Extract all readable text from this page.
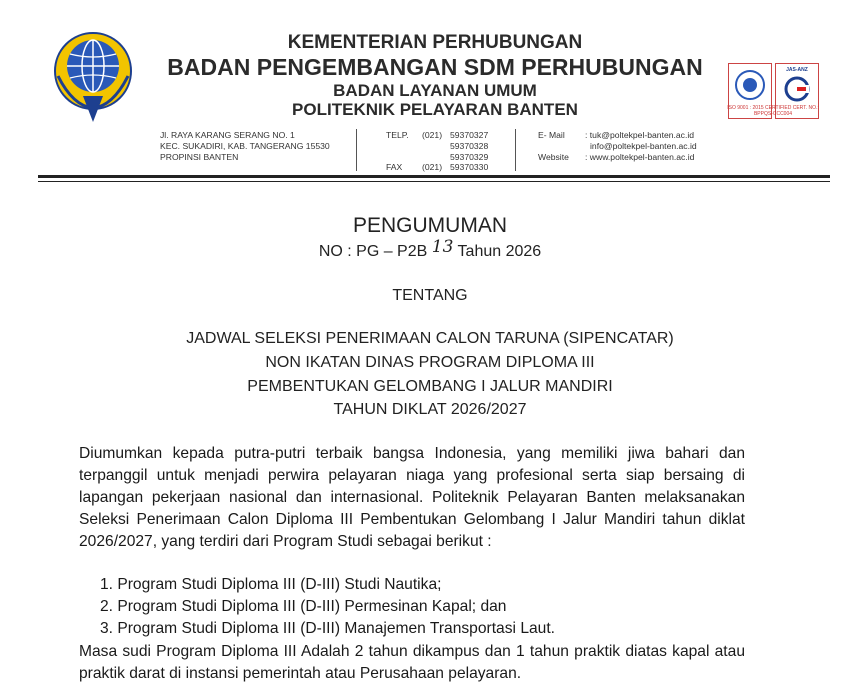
KEMENTERIAN PERHUBUNGAN
BADAN PENGEMBANGAN SDM PERHUBUNGAN
BADAN LAYANAN UMUM
POLITEKNIK PELAYARAN BANTEN
JAS-ANZ
ISO 9001 : 2015 CERTIFIED CERT. NO.: BPPQS-CCC004
Jl. RAYA KARANG SERANG NO. 1
KEC. SUKADIRI, KAB. TANGERANG 15530
PROPINSI BANTEN
TELP. (021) 59370327
59370328
59370329
FAX (021) 59370330
E- Mail : tuk@poltekpel-banten.ac.id
info@poltekpel-banten.ac.id
Website : www.poltekpel-banten.ac.id
PENGUMUMAN
NO : PG – P2B 13 Tahun 2026
TENTANG
JADWAL SELEKSI PENERIMAAN CALON TARUNA (SIPENCATAR)
NON IKATAN DINAS PROGRAM DIPLOMA III
PEMBENTUKAN GELOMBANG I JALUR MANDIRI
TAHUN DIKLAT 2026/2027

Diumumkan kepada putra-putri terbaik bangsa Indonesia, yang memiliki jiwa bahari dan terpanggil untuk menjadi perwira pelayaran niaga yang profesional serta siap bersaing di lapangan pekerjaan nasional dan internasional. Politeknik Pelayaran Banten melaksanakan Seleksi Penerimaan Calon Diploma III Pembentukan Gelombang I Jalur Mandiri tahun diklat 2026/2027, yang terdiri dari Program Studi sebagai berikut :

1. Program Studi Diploma III (D-III) Studi Nautika;
2. Program Studi Diploma III (D-III) Permesinan Kapal; dan
3. Program Studi Diploma III (D-III) Manajemen Transportasi Laut.

Masa sudi Program Diploma III Adalah 2 tahun dikampus dan 1 tahun praktik diatas kapal atau praktik darat di instansi pemerintah atau Perusahaan pelayaran.
